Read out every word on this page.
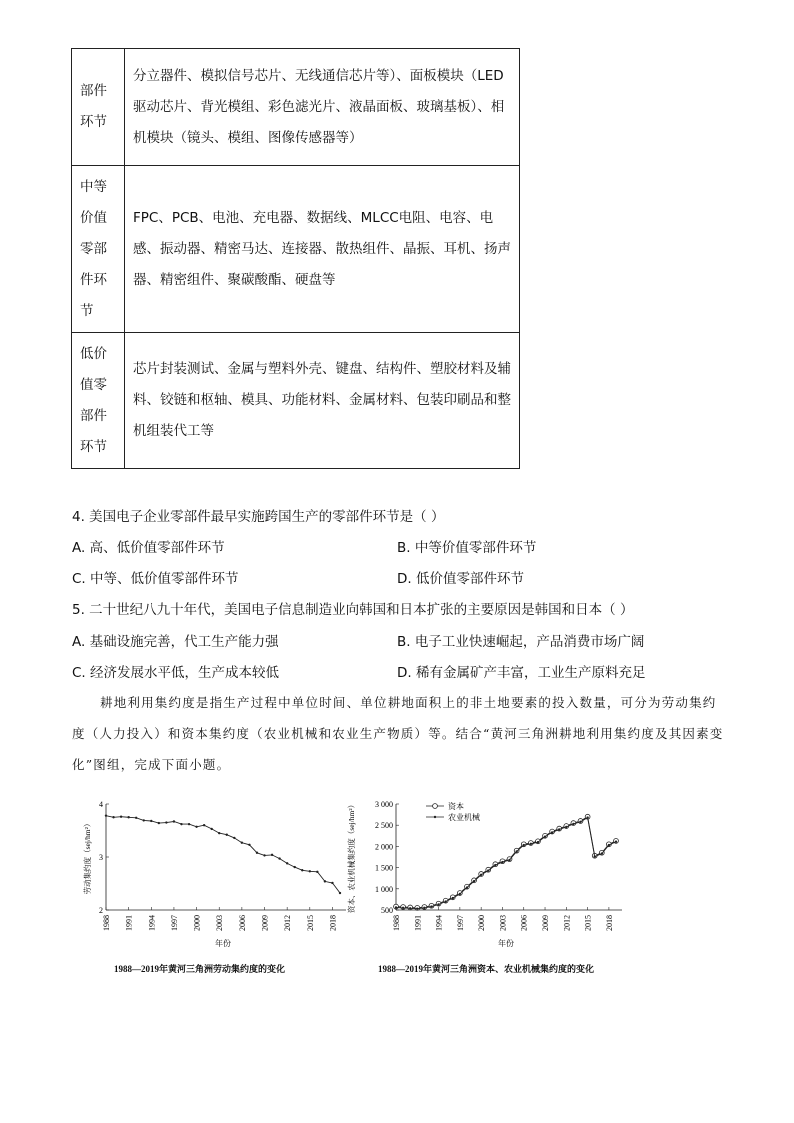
部件环节	分立器件、模拟信号芯片、无线通信芯片等）、面板模块（LED驱动芯片、背光模组、彩色滤光片、液晶面板、玻璃基板）、相机模块（镜头、模组、图像传感器等）
中等价值零部件环节	FPC、PCB、电池、充电器、数据线、MLCC电阻、电容、电感、振动器、精密马达、连接器、散热组件、晶振、耳机、扬声器、精密组件、聚碳酸酯、硬盘等
低价值零部件环节	芯片封装测试、金属与塑料外壳、键盘、结构件、塑胶材料及辅料、铰链和枢轴、模具、功能材料、金属材料、包装印刷品和整机组装代工等
4. 美国电子企业零部件最早实施跨国生产的零部件环节是（ ）
A. 高、低价值零部件环节	B. 中等价值零部件环节
C. 中等、低价值零部件环节	D. 低价值零部件环节
5. 二十世纪八九十年代，美国电子信息制造业向韩国和日本扩张的主要原因是韩国和日本（ ）
A. 基础设施完善，代工生产能力强	B. 电子工业快速崛起，产品消费市场广阔
C. 经济发展水平低，生产成本较低	D. 稀有金属矿产丰富，工业生产原料充足
耕地利用集约度是指生产过程中单位时间、单位耕地面积上的非土地要素的投入数量，可分为劳动集约度（人力投入）和资本集约度（农业机械和农业生产物质）等。结合“黄河三角洲耕地利用集约度及其因素变化”图组，完成下面小题。
1988 1991 1994 1997 2000 2003 2006 2009 2012 2015 2018
2
3
4
年份
劳动集约度（sej/hm²）
1988—2019年黄河三角洲劳动集约度的变化
1988 1991 1994 1997 2000 2003 2006 2009 2012 2015 2018
500
1 000
1 500
2 000
2 500
3 000
年份
资本、农业机械集约度（sej/hm²）	资本
农业机械
1988—2019年黄河三角洲资本、农业机械集约度的变化
